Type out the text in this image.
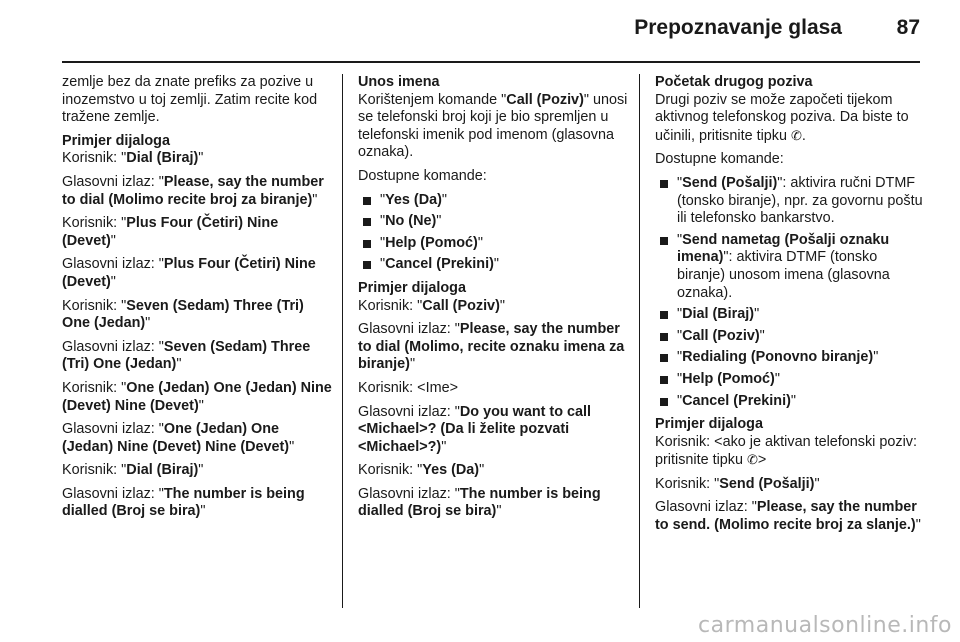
Prepoznavanje glasa	87

zemlje bez da znate prefiks za pozive u inozemstvo u toj zemlji. Zatim recite kod tražene zemlje.

Primjer dijaloga

Korisnik: "Dial (Biraj)"

Glasovni izlaz: "Please, say the number to dial (Molimo recite broj za biranje)"

Korisnik: "Plus Four (Četiri) Nine (Devet)"

Glasovni izlaz: "Plus Four (Četiri) Nine (Devet)"

Korisnik: "Seven (Sedam) Three (Tri) One (Jedan)"

Glasovni izlaz: "Seven (Sedam) Three (Tri) One (Jedan)"

Korisnik: "One (Jedan) One (Jedan) Nine (Devet) Nine (Devet)"

Glasovni izlaz: "One (Jedan) One (Jedan) Nine (Devet) Nine (Devet)"

Korisnik: "Dial (Biraj)"

Glasovni izlaz: "The number is being dialled (Broj se bira)"

Unos imena

Korištenjem komande "Call (Poziv)" unosi se telefonski broj koji je bio spremljen u telefonski imenik pod imenom (glasovna oznaka).

Dostupne komande:

"Yes (Da)"
"No (Ne)"
"Help (Pomoć)"
"Cancel (Prekini)"
Primjer dijaloga

Korisnik: "Call (Poziv)"

Glasovni izlaz: "Please, say the number to dial (Molimo, recite oznaku imena za biranje)"

Korisnik: <Ime>

Glasovni izlaz: "Do you want to call <Michael>? (Da li želite pozvati <Michael>?)"

Korisnik: "Yes (Da)"

Glasovni izlaz: "The number is being dialled (Broj se bira)"

Početak drugog poziva

Drugi poziv se može započeti tijekom aktivnog telefonskog poziva. Da biste to učinili, pritisnite tipku ✆.

Dostupne komande:

"Send (Pošalji)": aktivira ručni DTMF (tonsko biranje), npr. za govornu poštu ili telefonsko bankarstvo.
"Send nametag (Pošalji oznaku imena)": aktivira DTMF (tonsko biranje) unosom imena (glasovna oznaka).
"Dial (Biraj)"
"Call (Poziv)"
"Redialing (Ponovno biranje)"
"Help (Pomoć)"
"Cancel (Prekini)"
Primjer dijaloga

Korisnik: <ako je aktivan telefonski poziv: pritisnite tipku ✆>

Korisnik: "Send (Pošalji)"

Glasovni izlaz: "Please, say the number to send. (Molimo recite broj za slanje.)"

carmanualsonline.info
